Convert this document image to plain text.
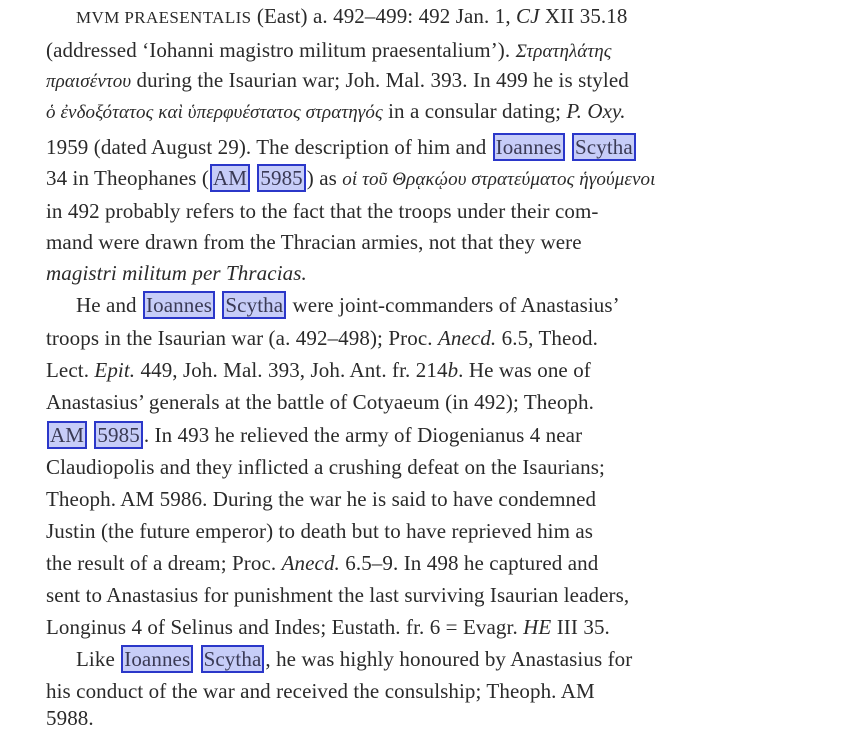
MVM PRAESENTALIS (East) a. 492–499: 492 Jan. 1, CJ XII 35.18
(addressed ‘Iohanni magistro militum praesentalium’). Στρατηλάτης
πραισέντου during the Isaurian war; Joh. Mal. 393. In 499 he is styled
ὁ ἐνδοξότατος καὶ ὑπερφυέστατος στρατηγός in a consular dating; P. Oxy.
1959 (dated August 29). The description of him and Ioannes Scytha
34 in Theophanes ( AM 5985 ) as οἱ τοῦ Θρᾳκῴου στρατεύματος ἡγούμενοι
in 492 probably refers to the fact that the troops under their com-
mand were drawn from the Thracian armies, not that they were
magistri militum per Thracias.
He and Ioannes Scytha were joint-commanders of Anastasius’
troops in the Isaurian war (a. 492–498); Proc. Anecd. 6.5, Theod.
Lect. Epit. 449, Joh. Mal. 393, Joh. Ant. fr. 214b. He was one of
Anastasius’ generals at the battle of Cotyaeum (in 492); Theoph.
AM 5985 . In 493 he relieved the army of Diogenianus 4 near
Claudiopolis and they inflicted a crushing defeat on the Isaurians;
Theoph. AM 5986. During the war he is said to have condemned
Justin (the future emperor) to death but to have reprieved him as
the result of a dream; Proc. Anecd. 6.5–9. In 498 he captured and
sent to Anastasius for punishment the last surviving Isaurian leaders,
Longinus 4 of Selinus and Indes; Eustath. fr. 6 = Evagr. HE III 35.
Like Ioannes Scytha , he was highly honoured by Anastasius for
his conduct of the war and received the consulship; Theoph. AM
5988.
